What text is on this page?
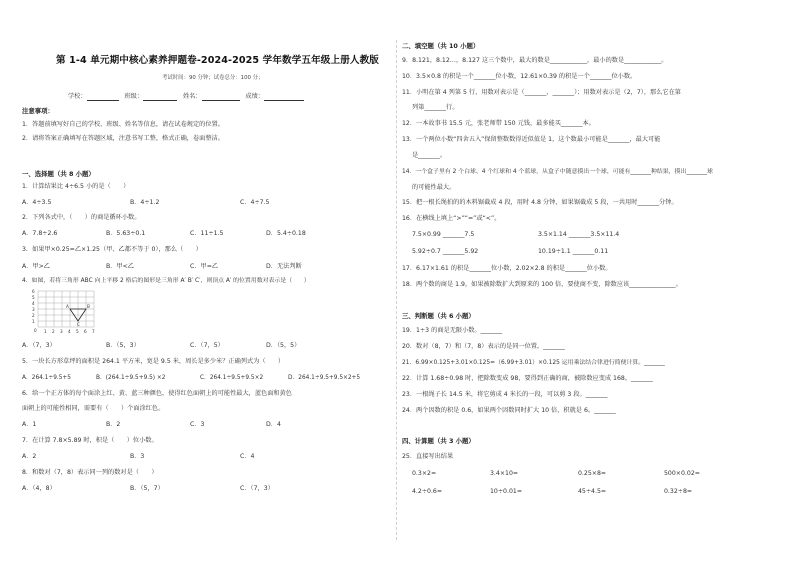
第 1-4 单元期中核心素养押题卷-2024-2025 学年数学五年级上册人教版
考试时间：90 分钟；试卷总分：100 分；
学校：	班级：	姓名：	成绩：
注意事项：
1．答题前填写好自己的学校、班级、姓名等信息，请在试卷规定的位置。
2．请将答案正确填写在答题区域，注意书写工整，格式正确，卷面整洁。
一、选择题（共 8 小题）
1．计算结果比 4÷6.5 小的是（　　）
A．4÷3.5	B．4÷1.2	C．4÷7.5
2．下列各式中，（　　）的商是循环小数。
A．7.8÷2.6	B．5.63÷0.1	C．11÷1.5	D．5.4÷0.18
3．如果甲×0.25=乙×1.25（甲、乙都不等于 0），那么（　　）
A．甲>乙	B．甲<乙	C．甲=乙	D．无法判断
4．如图，若将三角形 ABC 向上平移 2 格后的图形是三角形 A′ B′ C′，则顶点 A′ 的位置用数对表示是（　　）
6
5
4
3
2
1
0 1 2 3 4 5 6 7
A	B
C
A．（7，3）	B．（5，3）	C．（7，5）	D．（5，5）
5．一块长方形草坪的面积是 264.1 平方米，宽是 9.5 米，周长是多少米？正确列式为（　　）
A．264.1÷9.5+5	B．(264.1÷9.5+9.5) ×2	C．264.1÷9.5+9.5×2	D．264.1÷9.5+9.5×2+5
6．给一个正方体的每个面涂上红、黄、蓝三种颜色，使得红色面朝上的可能性最大，蓝色面和黄色
面朝上的可能性相同，需要有（　　）个面涂红色。
A．1	B．2	C．3	D．4
7．在计算 7.8×5.89 时，积是（　　）位小数。
A．2	B．3	C．4
8．和数对（7，8）表示同一列的数对是（　　）
A．（4，8）	B．（5，7）	C．（7，3）
二、填空题（共 10 小题）
9．8.121，8.12…，8.127 这三个数中，最大的数是____________，最小的数是____________。
10．3.5×0.8 的积是一个_______位小数，12.61×0.39 的积是一个_______位小数。
11．小明在第 4 列第 5 行，用数对表示是（_______，_______）；用数对表示是（2，7），那么它在第
列第_______行。
12．一本故事书 15.5 元，张老师带 150 元钱，最多能买_______本。
13．一个两位小数“四舍五入”保留整数数得近似值是 1，这个数最小可能是_______，最大可能
是_______。
14．一个盒子里有 2 个白球、4 个红球和 4 个蓝球，从盒子中随意摸出一个球，可能有_______种结果，摸出_______球
的可能性最大。
15．把一根长绳拍的的木料锯截成 4 段，用时 4.8 分钟，如果锯截成 5 段，一共用时_______分钟。
16．在横线上填上“>”“=”或“<”。
7.5×0.99 _______7.5	3.5×1.14 _______3.5×11.4
5.92÷0.7 _______5.92	10.19÷1.1 _______0.11
17．6.17×1.61 的积是_______位小数，2.02×2.8 的积是_______位小数。
18．两个数的商是 1.9，如果被除数扩大到原来的 100 倍，要使商不变，除数应该_______________。
三、判断题（共 6 小题）
19．1÷3 的商是无限小数。_______
20．数对（8，7）和（7，8）表示的是同一位置。_______
21．6.99×0.125+3.01×0.125=（6.99+3.01）×0.125 运用乘法结合律进行简便计算。_______
22．计算 1.68÷0.98 时，把除数变成 98，要得到正确的商，被除数应变成 168。_______
23．一根绳子长 14.5 米，将它剪成 4 米长的一段，可以剪 3 段。_______
24．两个因数的积是 0.6，如果两个因数同时扩大 10 倍，积就是 6。_______
四、计算题（共 3 小题）
25．直接写出结果
0.3×2=	3.4×10=	0.25×8=	500×0.02=
4.2÷0.6=	10÷0.01=	45÷4.5=	0.32÷8=
